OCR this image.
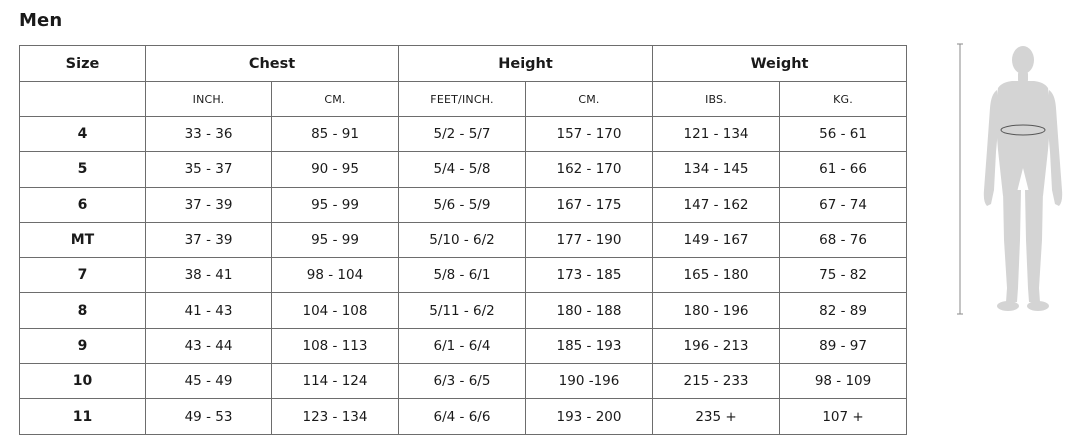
Men
Size	Chest		Height		Weight	
	INCH.	CM.	FEET/INCH.	CM.	IBS.	KG.
4	33 - 36	85 - 91	5/2 - 5/7	157 - 170	121 - 134	56 - 61
5	35 - 37	90 - 95	5/4 - 5/8	162 - 170	134 - 145	61 - 66
6	37 - 39	95 - 99	5/6 - 5/9	167 - 175	147 - 162	67 - 74
MT	37 - 39	95 - 99	5/10 - 6/2	177 - 190	149 - 167	68 - 76
7	38 - 41	98 - 104	5/8 - 6/1	173 - 185	165 - 180	75 - 82
8	41 - 43	104 - 108	5/11 - 6/2	180 - 188	180 - 196	82 - 89
9	43 - 44	108 - 113	6/1 - 6/4	185 - 193	196 - 213	89 - 97
10	45 - 49	114 - 124	6/3 - 6/5	190 -196	215 - 233	98 - 109
11	49 - 53	123 - 134	6/4 - 6/6	193 - 200	235 +	107 +
